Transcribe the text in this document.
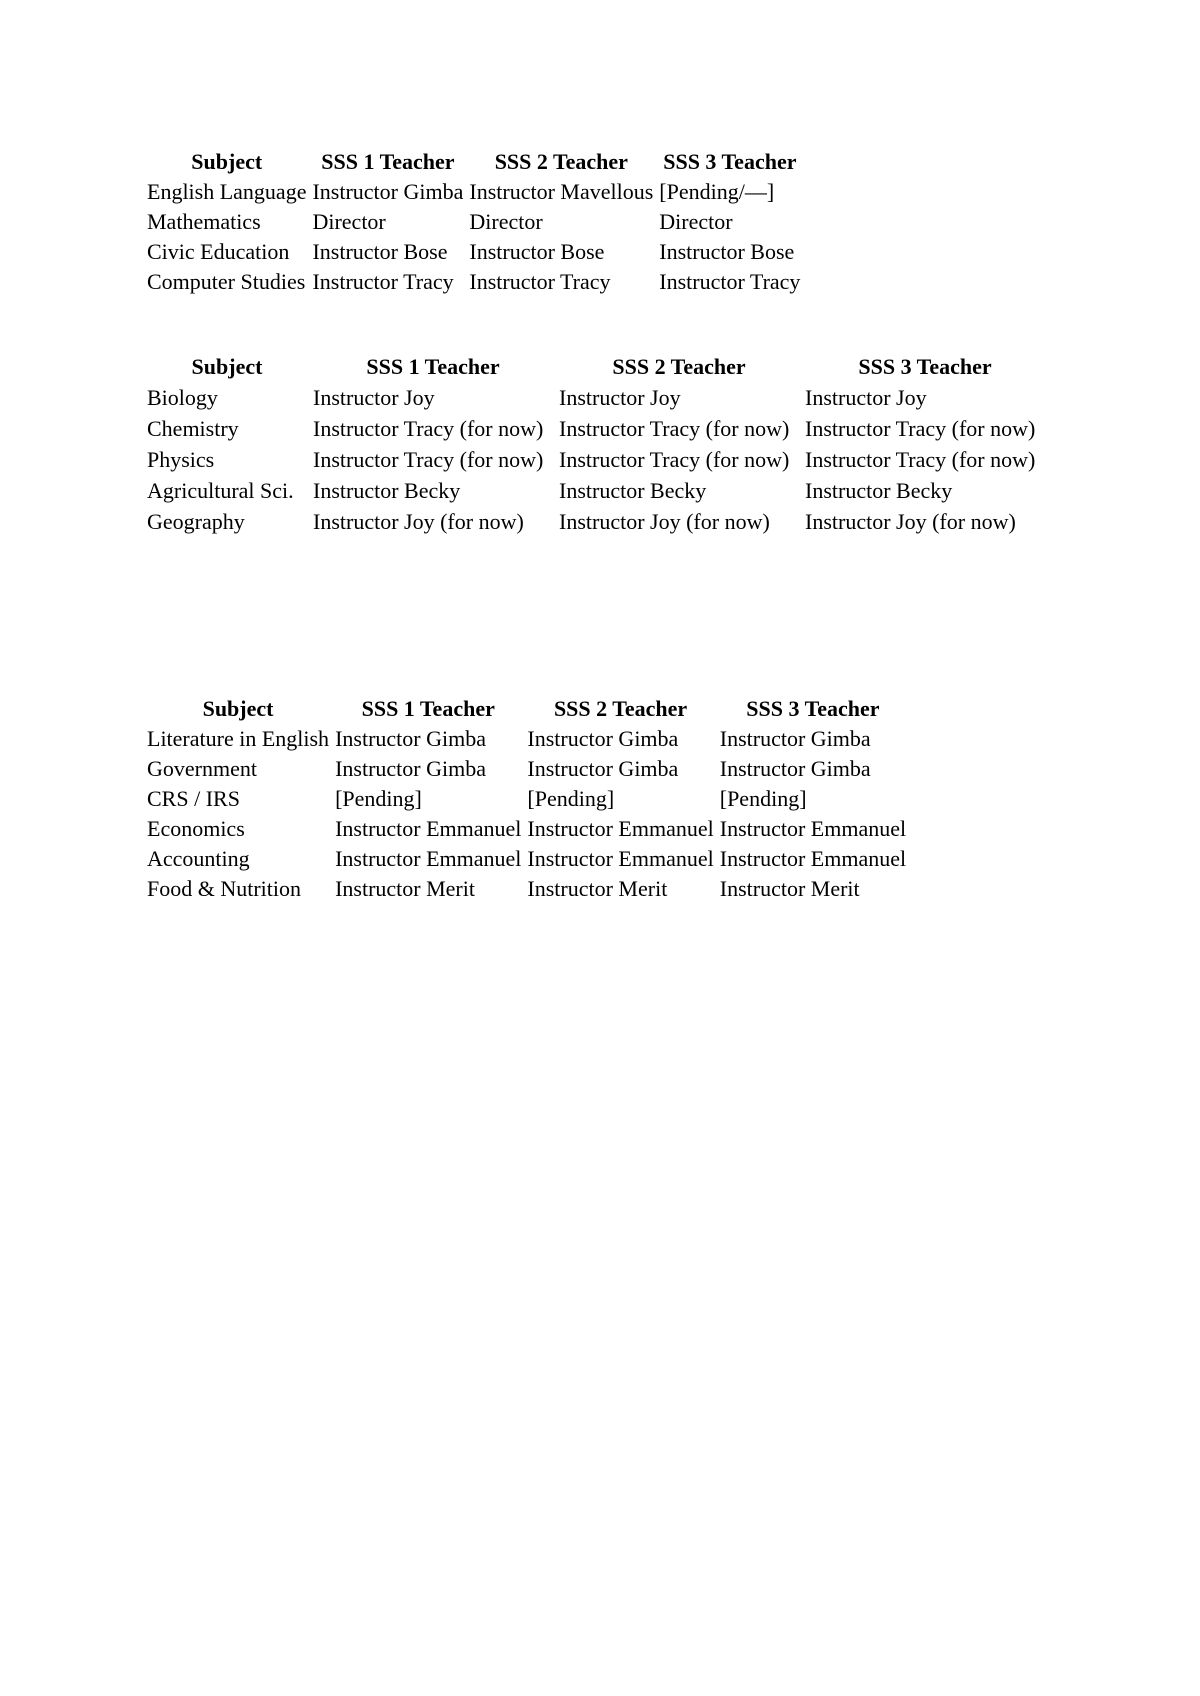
Subject	SSS 1 Teacher	SSS 2 Teacher	SSS 3 Teacher
English Language	Instructor Gimba	Instructor Mavellous	[Pending/—]
Mathematics	Director	Director	Director
Civic Education	Instructor Bose	Instructor Bose	Instructor Bose
Computer Studies	Instructor Tracy	Instructor Tracy	Instructor Tracy
Subject	SSS 1 Teacher	SSS 2 Teacher	SSS 3 Teacher
Biology	Instructor Joy	Instructor Joy	Instructor Joy
Chemistry	Instructor Tracy (for now)	Instructor Tracy (for now)	Instructor Tracy (for now)
Physics	Instructor Tracy (for now)	Instructor Tracy (for now)	Instructor Tracy (for now)
Agricultural Sci.	Instructor Becky	Instructor Becky	Instructor Becky
Geography	Instructor Joy (for now)	Instructor Joy (for now)	Instructor Joy (for now)
Subject	SSS 1 Teacher	SSS 2 Teacher	SSS 3 Teacher
Literature in English	Instructor Gimba	Instructor Gimba	Instructor Gimba
Government	Instructor Gimba	Instructor Gimba	Instructor Gimba
CRS / IRS	[Pending]	[Pending]	[Pending]
Economics	Instructor Emmanuel	Instructor Emmanuel	Instructor Emmanuel
Accounting	Instructor Emmanuel	Instructor Emmanuel	Instructor Emmanuel
Food & Nutrition	Instructor Merit	Instructor Merit	Instructor Merit
